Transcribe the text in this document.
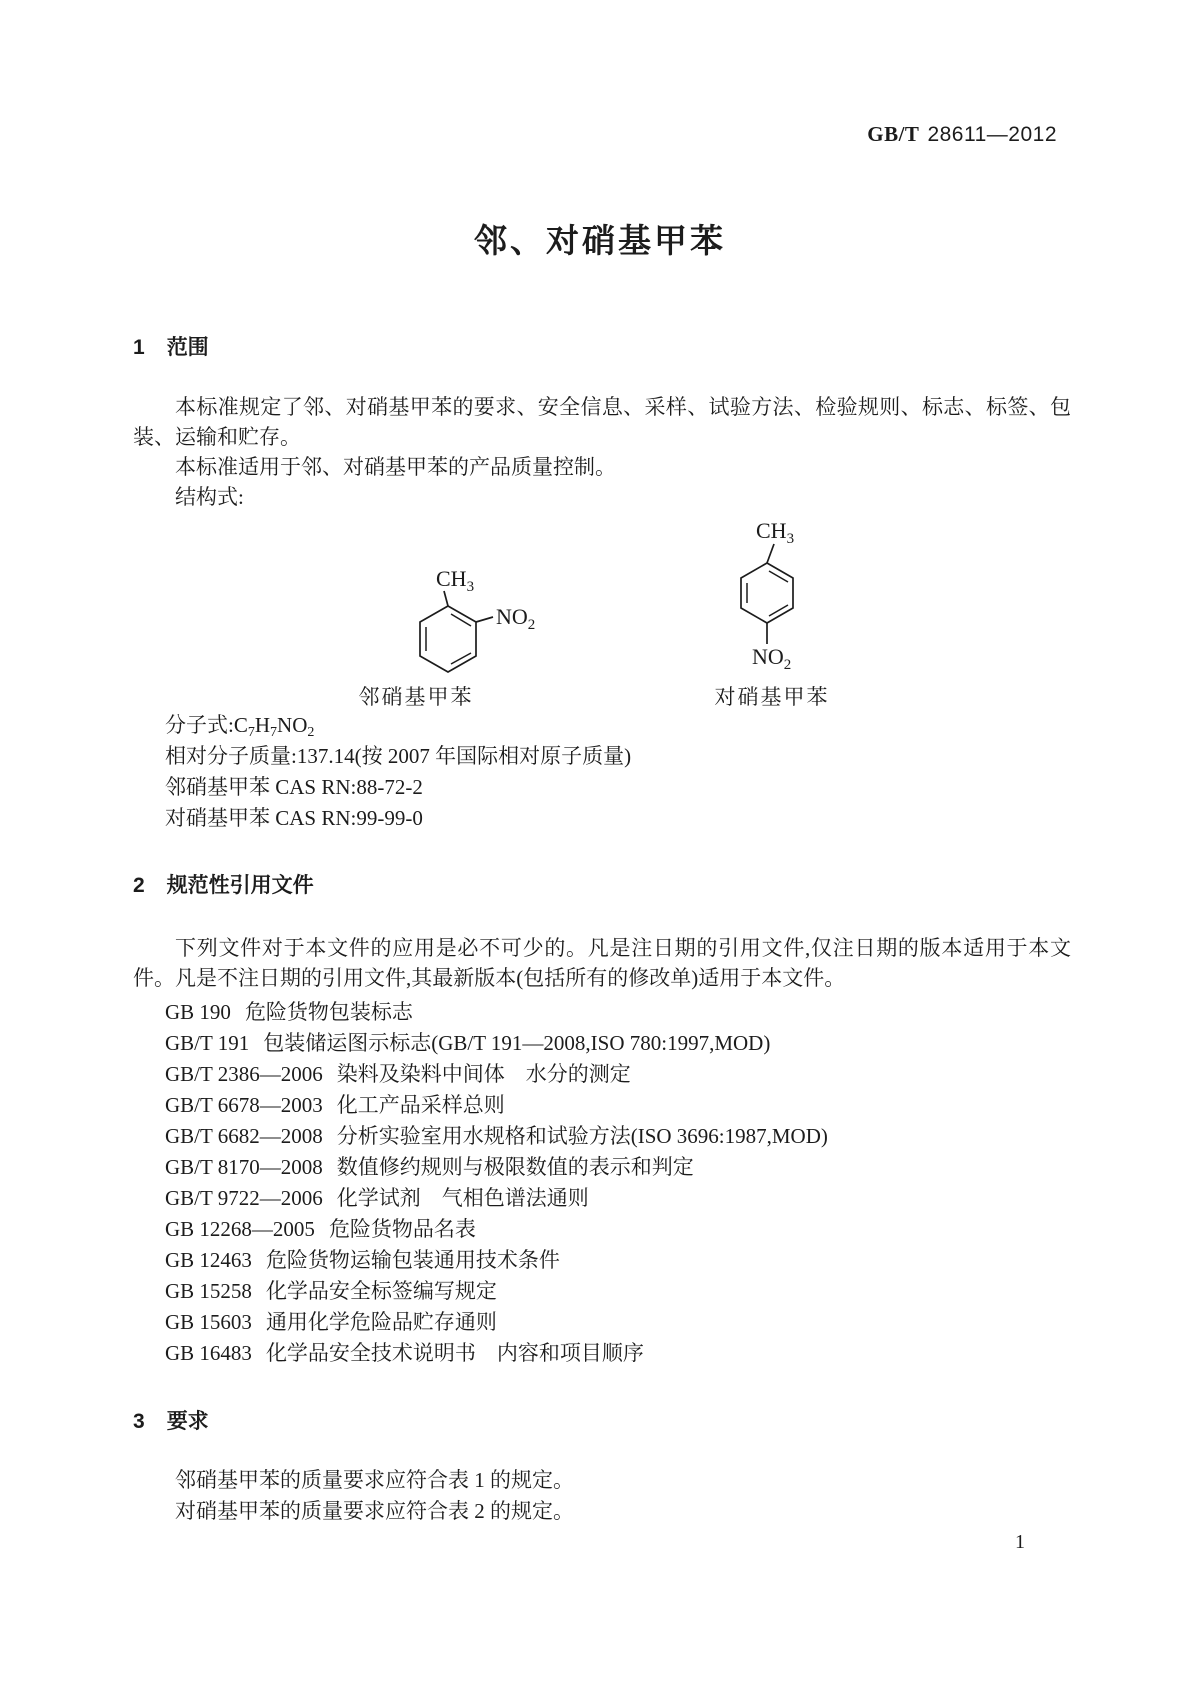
GB/T 28611—2012
邻、对硝基甲苯
1 范围
本标准规定了邻、对硝基甲苯的要求、安全信息、采样、试验方法、检验规则、标志、标签、包装、运输和贮存。
本标准适用于邻、对硝基甲苯的产品质量控制。
结构式:
$CH_3$
$NO_2$
$CH_3$
$NO_2$
邻硝基甲苯	对硝基甲苯
分子式$:C_7H_7NO_2$
相对分子质量:137.14(按 2007 年国际相对原子质量)
邻硝基甲苯 CAS RN:88-72-2
对硝基甲苯 CAS RN:99-99-0
2 规范性引用文件
下列文件对于本文件的应用是必不可少的。凡是注日期的引用文件,仅注日期的版本适用于本文件。凡是不注日期的引用文件,其最新版本(包括所有的修改单)适用于本文件。
GB 190 危险货物包装标志
GB/T 191 包装储运图示标志(GB/T 191—2008,ISO 780:1997,MOD)
GB/T 2386—2006 染料及染料中间体　水分的测定
GB/T 6678—2003 化工产品采样总则
GB/T 6682—2008 分析实验室用水规格和试验方法(ISO 3696:1987,MOD)
GB/T 8170—2008 数值修约规则与极限数值的表示和判定
GB/T 9722—2006 化学试剂　气相色谱法通则
GB 12268—2005 危险货物品名表
GB 12463 危险货物运输包装通用技术条件
GB 15258 化学品安全标签编写规定
GB 15603 通用化学危险品贮存通则
GB 16483 化学品安全技术说明书　内容和项目顺序
3 要求
邻硝基甲苯的质量要求应符合表 1 的规定。
对硝基甲苯的质量要求应符合表 2 的规定。
1
